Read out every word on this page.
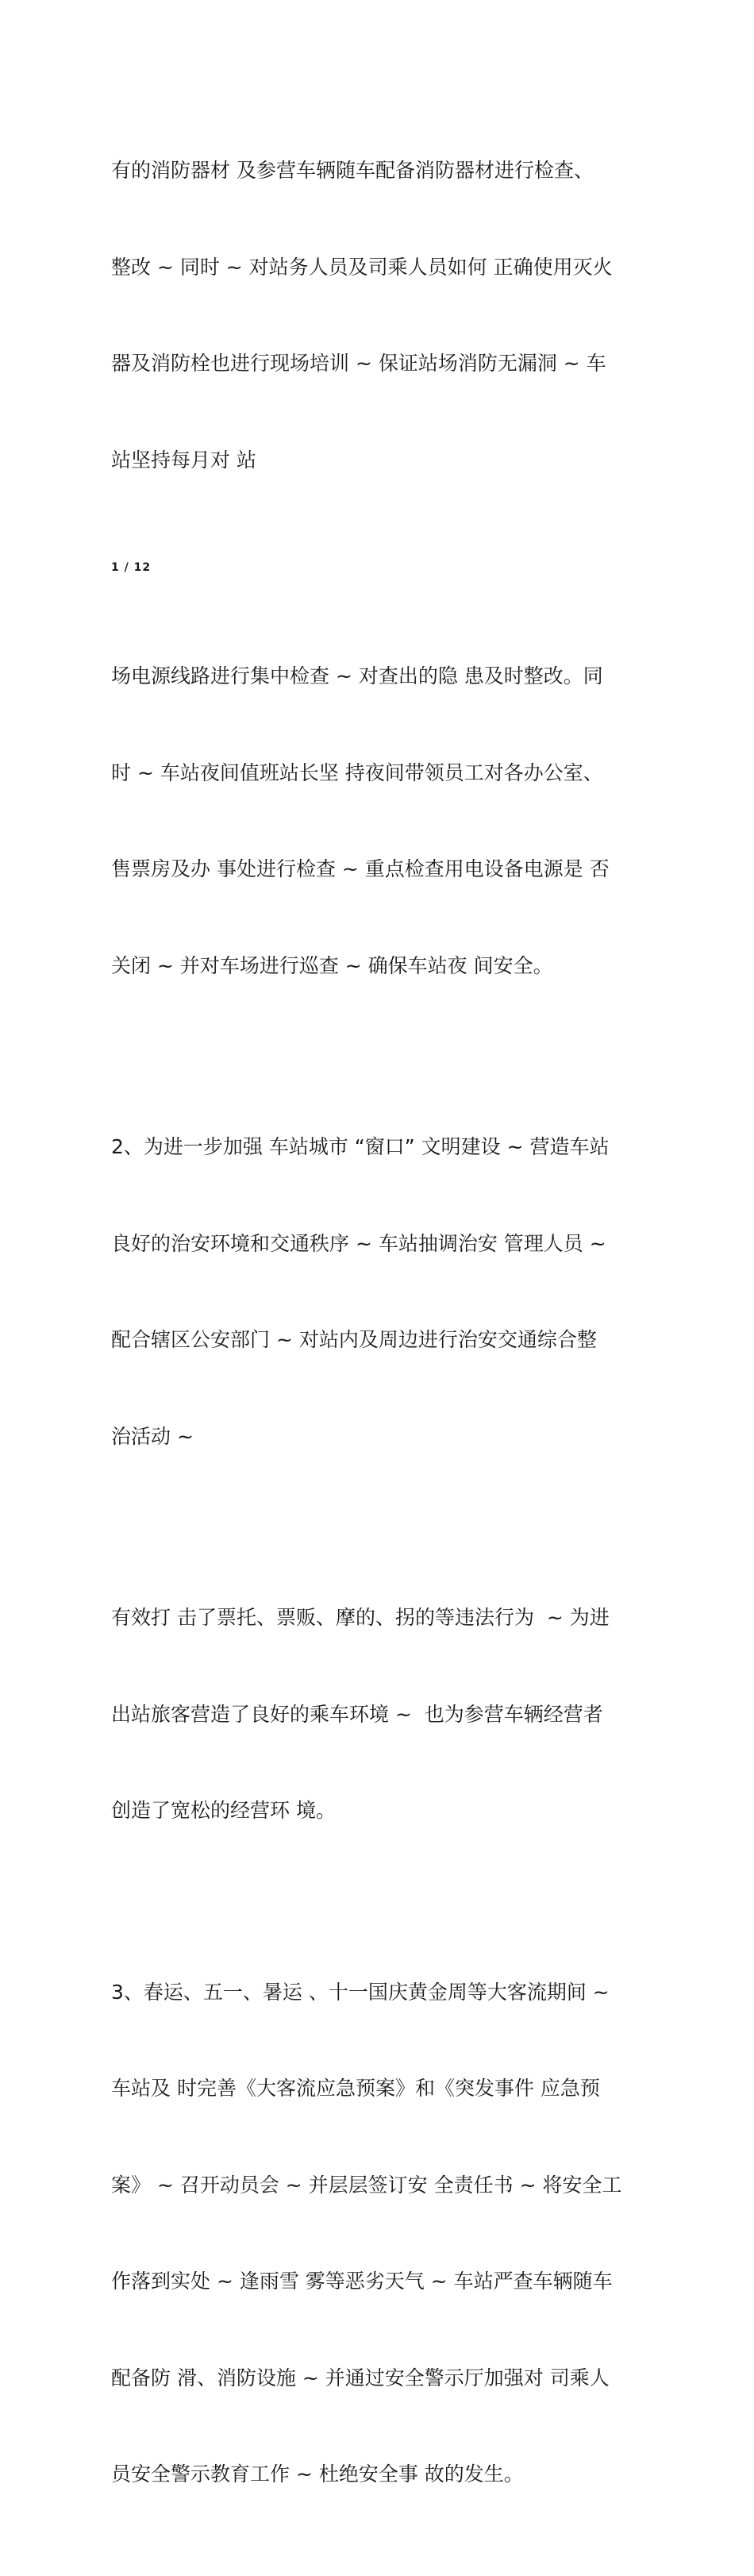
有的消防器材 及参营车辆随车配备消防器材进行检查、

整改 ~ 同时 ~ 对站务人员及司乘人员如何 正确使用灭火

器及消防栓也进行现场培训 ~ 保证站场消防无漏洞 ~ 车

站坚持每月对 站

1 / 12

场电源线路进行集中检查 ~ 对查出的隐 患及时整改。同

时 ~ 车站夜间值班站长坚 持夜间带领员工对各办公室、

售票房及办 事处进行检查 ~ 重点检查用电设备电源是 否

关闭 ~ 并对车场进行巡查 ~ 确保车站夜 间安全。

2、为进一步加强 车站城市 “窗口” 文明建设 ~ 营造车站

良好的治安环境和交通秩序 ~ 车站抽调治安 管理人员 ~

配合辖区公安部门 ~ 对站内及周边进行治安交通综合整

治活动 ~

有效打 击了票托、票贩、摩的、拐的等违法行为  ~ 为进

出站旅客营造了良好的乘车环境 ~  也为参营车辆经营者

创造了宽松的经营环 境。

3、春运、五一、暑运 、十一国庆黄金周等大客流期间 ~

车站及 时完善《大客流应急预案》和《突发事件 应急预

案》 ~ 召开动员会 ~ 并层层签订安 全责任书 ~ 将安全工

作落到实处 ~ 逢雨雪 雾等恶劣天气 ~ 车站严查车辆随车

配备防 滑、消防设施 ~ 并通过安全警示厅加强对 司乘人

员安全警示教育工作 ~ 杜绝安全事 故的发生。
